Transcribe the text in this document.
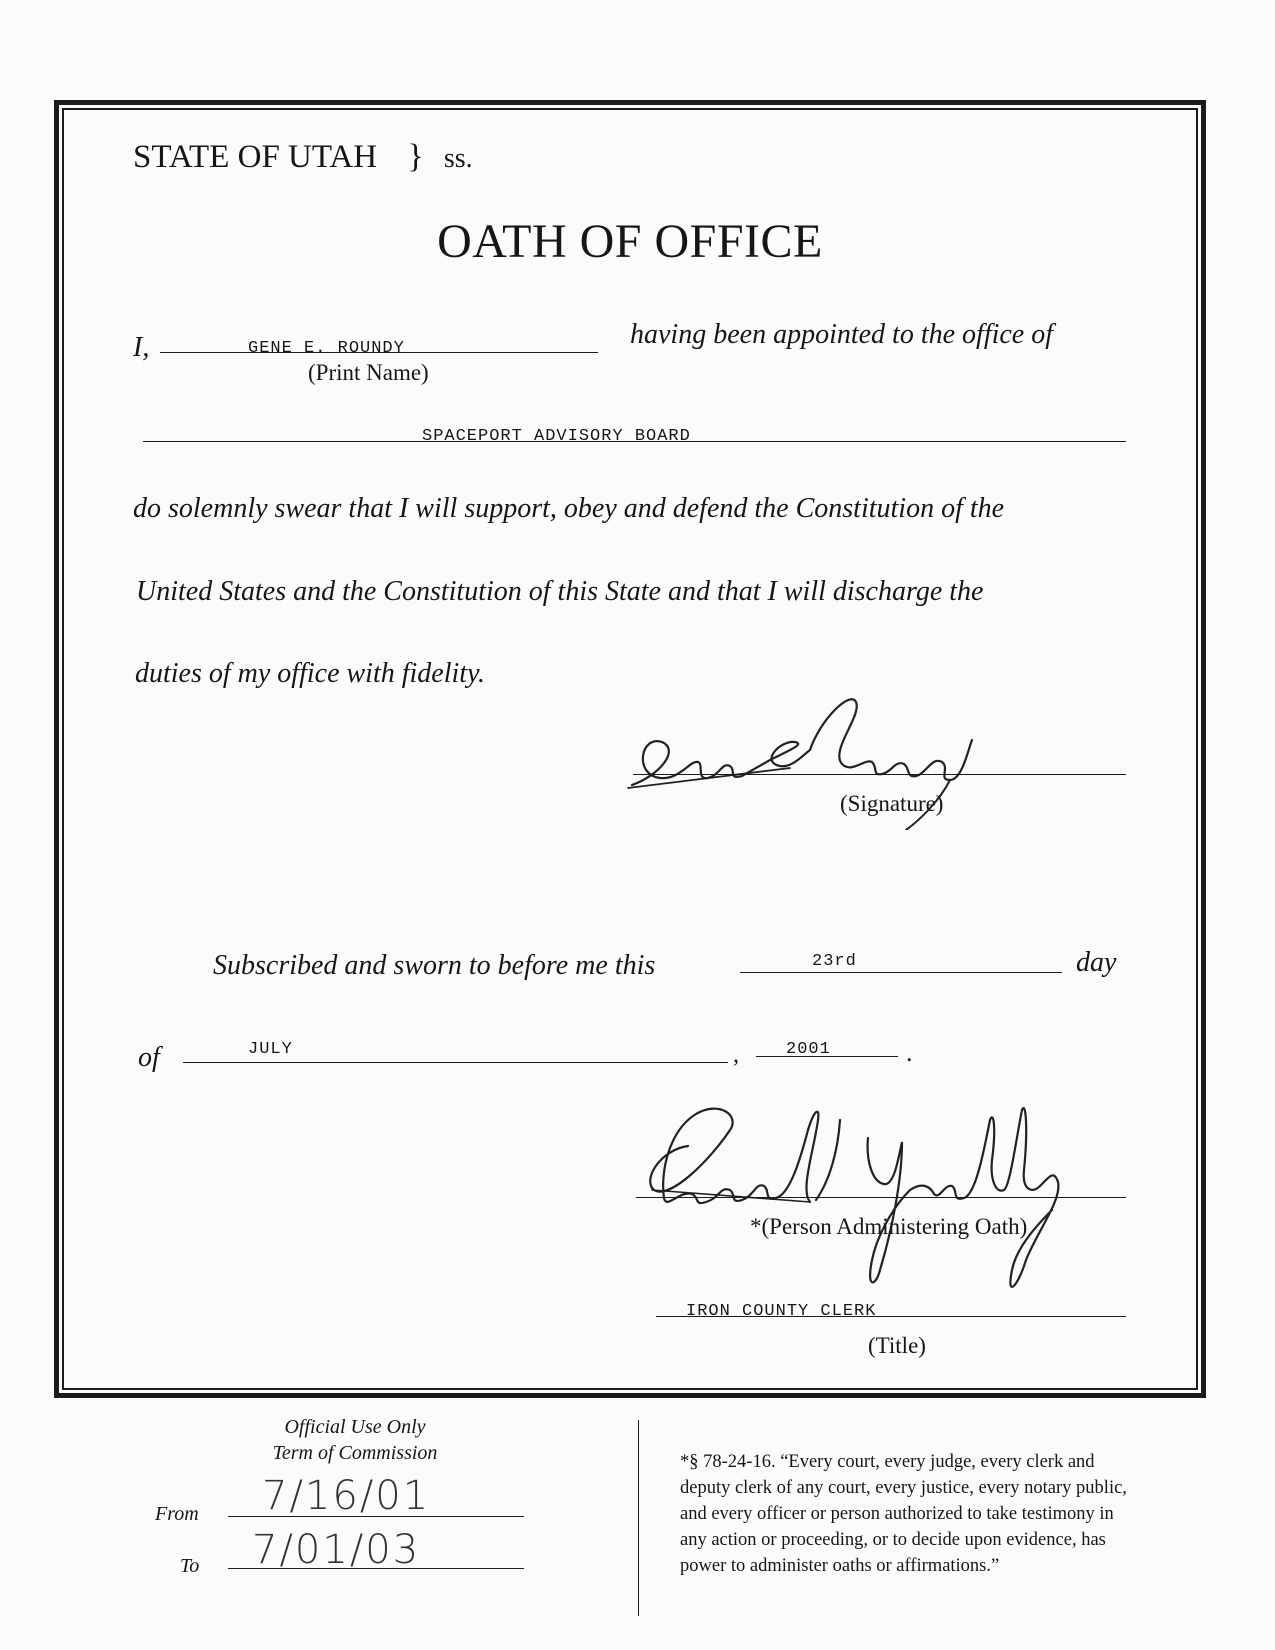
STATE OF UTAH } ss.
OATH OF OFFICE
I,	GENE E. ROUNDY
(Print Name)
having been appointed to the office of
SPACEPORT ADVISORY BOARD
do solemnly swear that I will support, obey and defend the Constitution of the
United States and the Constitution of this State and that I will discharge the
duties of my office with fidelity.
(Signature)
Subscribed and sworn to before me this	23rd	day
of	JULY	,	2001	.
*(Person Administering Oath)
IRON COUNTY CLERK
(Title)
Official Use Only
Term of Commission
From 7/16/01
To 7/01/03
*§ 78-24-16. “Every court, every judge, every clerk and
deputy clerk of any court, every justice, every notary public,
and every officer or person authorized to take testimony in
any action or proceeding, or to decide upon evidence, has
power to administer oaths or affirmations.”
